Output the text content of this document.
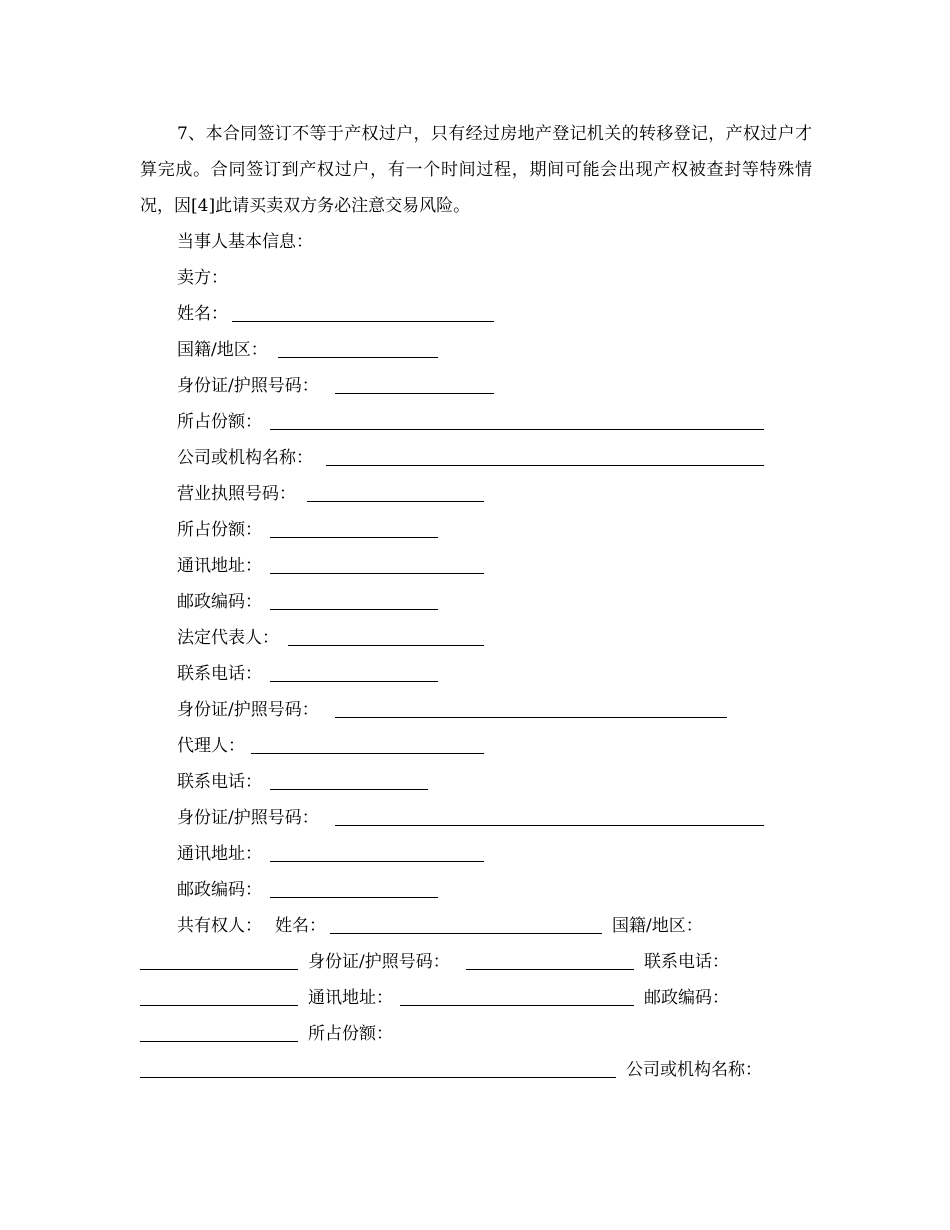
7、本合同签订不等于产权过户，只有经过房地产登记机关的转移登记，产权过户才算完成。合同签订到产权过户，有一个时间过程，期间可能会出现产权被查封等特殊情况，因[4]此请买卖双方务必注意交易风险。
当事人基本信息：
卖方：
姓名：
国籍/地区：
身份证/护照号码：
所占份额：
公司或机构名称：
营业执照号码：
所占份额：
通讯地址：
邮政编码：
法定代表人：
联系电话：
身份证/护照号码：
代理人：
联系电话：
身份证/护照号码：
通讯地址：
邮政编码：
共有权人： 姓名：	国籍/地区：
身份证/护照号码：	联系电话：
通讯地址：	邮政编码：
所占份额：
公司或机构名称：
